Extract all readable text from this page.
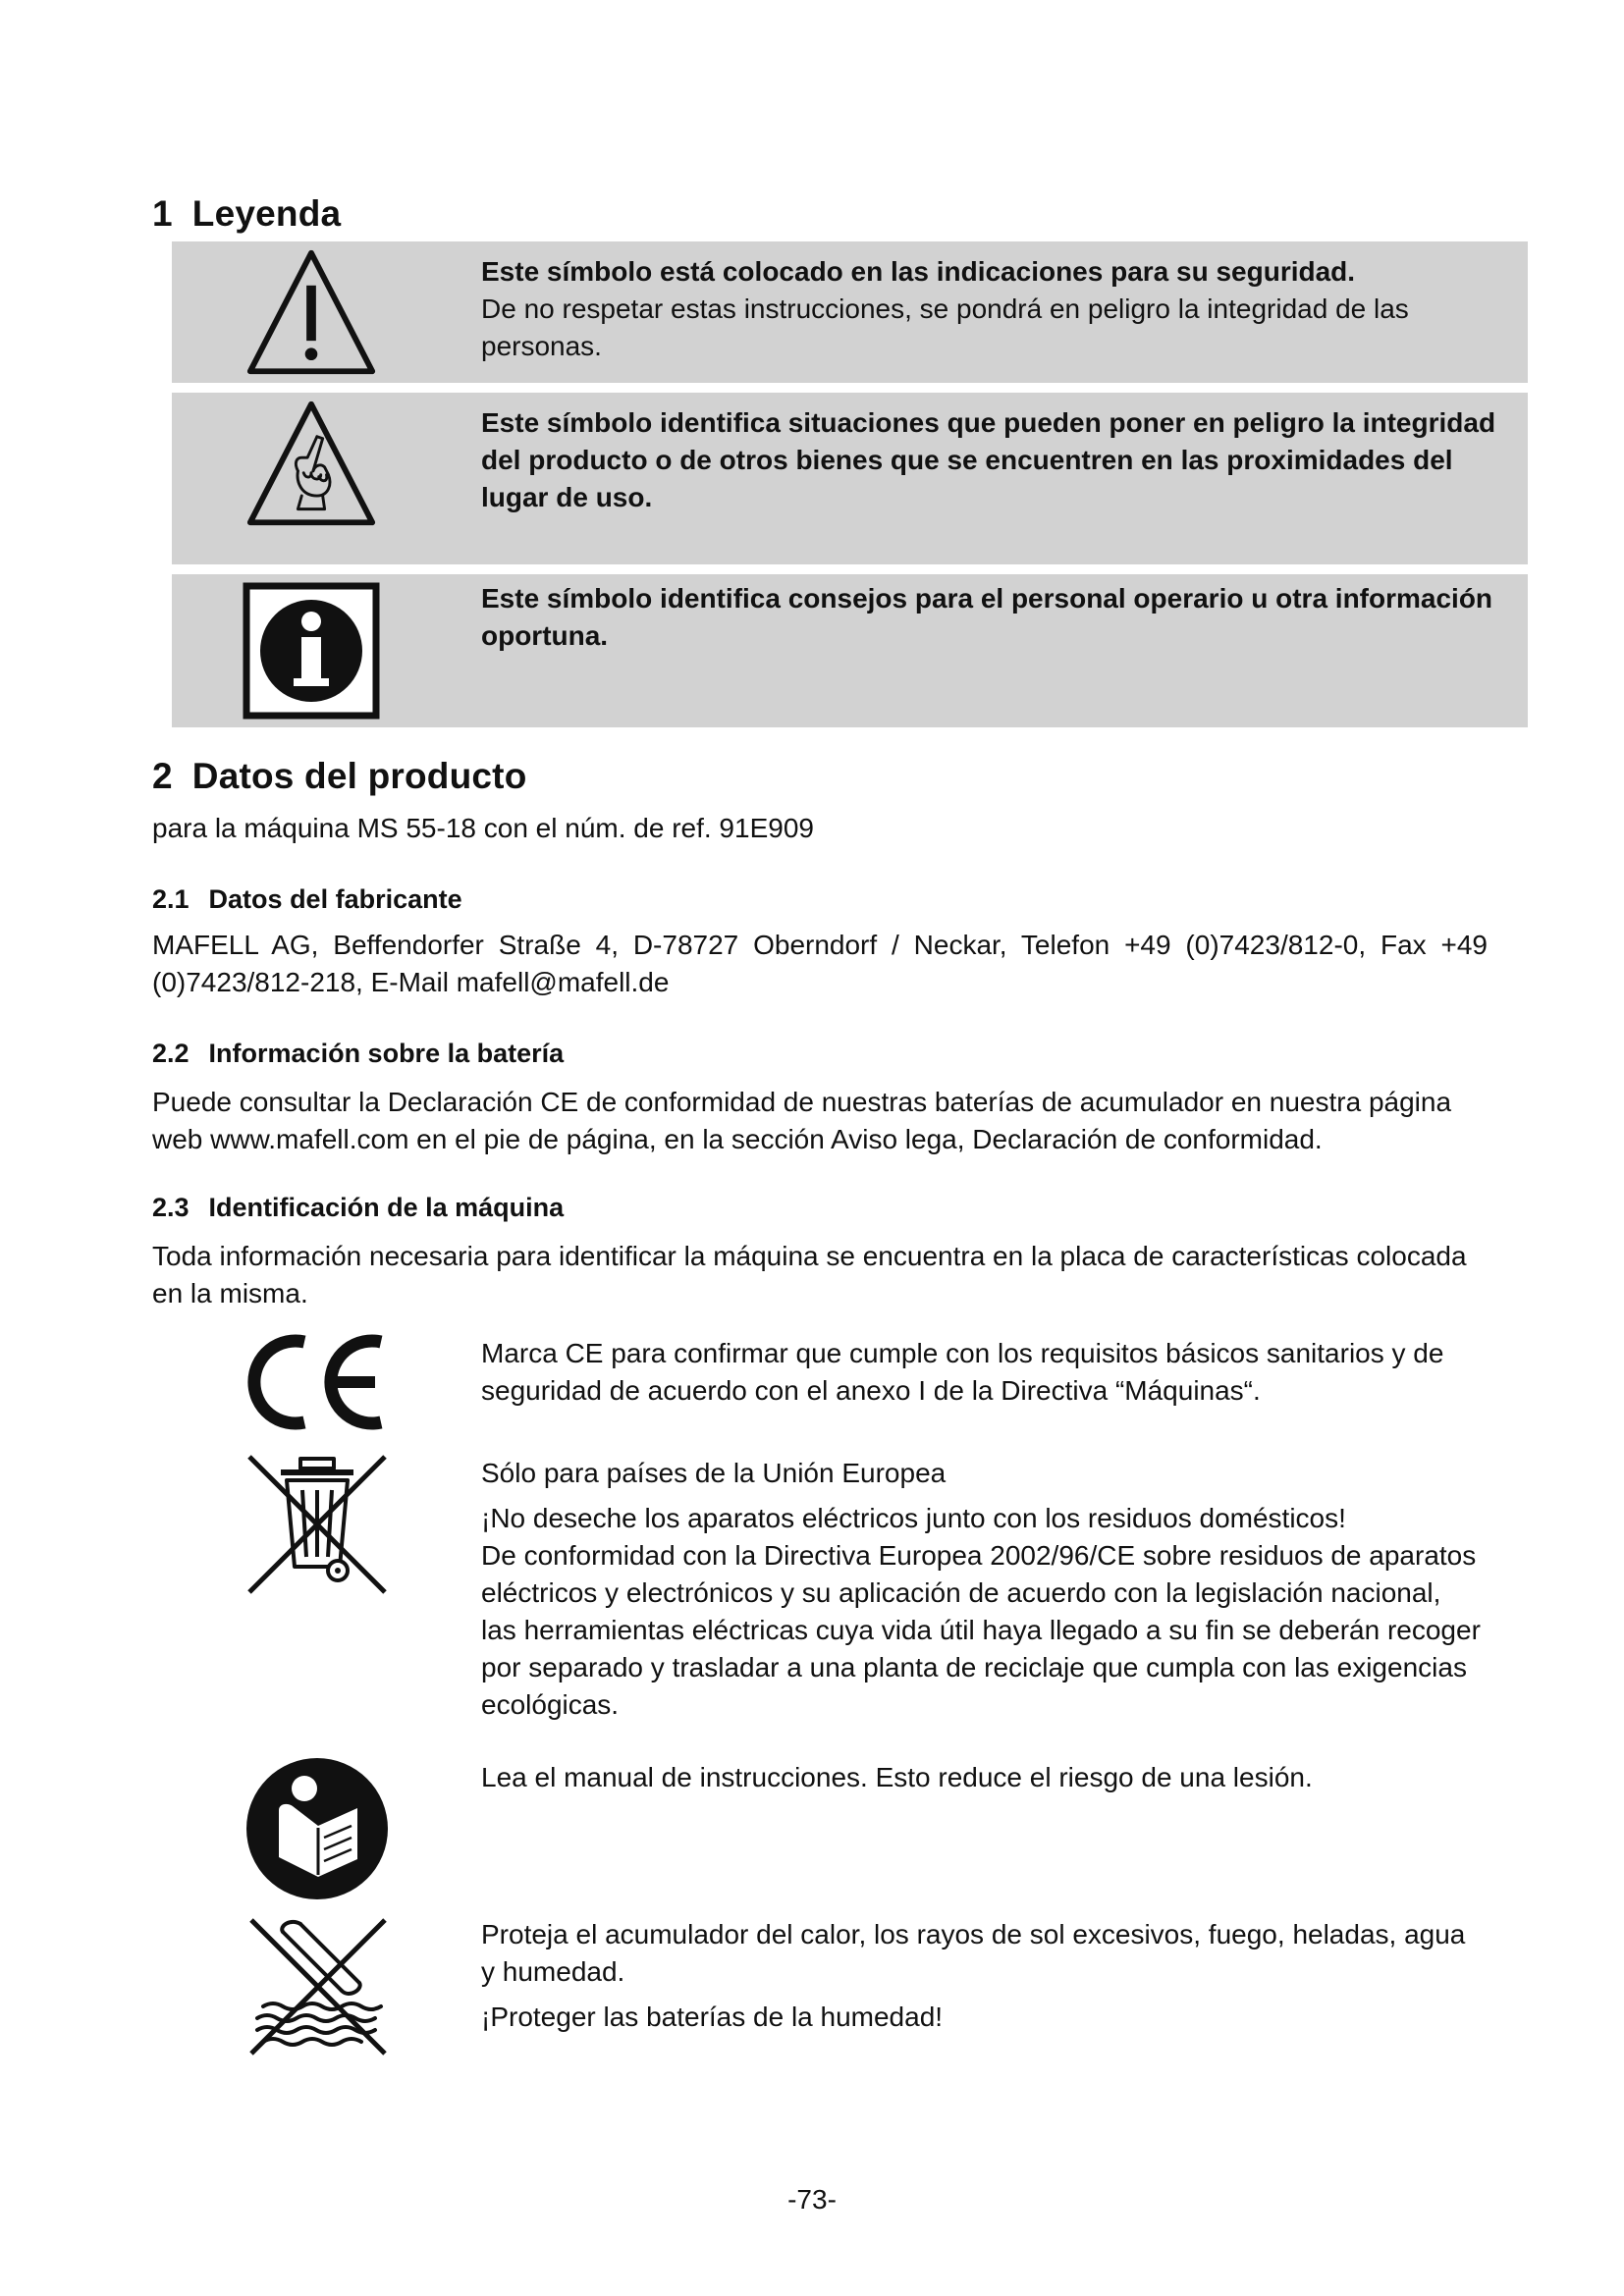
1 Leyenda
Este símbolo está colocado en las indicaciones para su seguridad.
De no respetar estas instrucciones, se pondrá en peligro la integridad de las personas.
Este símbolo identifica situaciones que pueden poner en peligro la integridad del producto o de otros bienes que se encuentren en las proximidades del lugar de uso.
Este símbolo identifica consejos para el personal operario u otra información oportuna.
2 Datos del producto

para la máquina MS 55-18 con el núm. de ref. 91E909

2.1 Datos del fabricante

MAFELL AG, Beffendorfer Straße 4, D-78727 Oberndorf / Neckar, Telefon +49 (0)7423/812-0, Fax +49 (0)7423/812-218, E-Mail mafell@mafell.de

2.2 Información sobre la batería

Puede consultar la Declaración CE de conformidad de nuestras baterías de acumulador en nuestra página web www.mafell.com en el pie de página, en la sección Aviso lega, Declaración de conformidad.

2.3 Identificación de la máquina

Toda información necesaria para identificar la máquina se encuentra en la placa de características colocada en la misma.

Marca CE para confirmar que cumple con los requisitos básicos sanitarios y de seguridad de acuerdo con el anexo I de la Directiva “Máquinas“.

Sólo para países de la Unión Europea

¡No deseche los aparatos eléctricos junto con los residuos domésticos!

De conformidad con la Directiva Europea 2002/96/CE sobre residuos de aparatos eléctricos y electrónicos y su aplicación de acuerdo con la legislación nacional, las herramientas eléctricas cuya vida útil haya llegado a su fin se deberán recoger por separado y trasladar a una planta de reciclaje que cumpla con las exigencias ecológicas.

Lea el manual de instrucciones. Esto reduce el riesgo de una lesión.

Proteja el acumulador del calor, los rayos de sol excesivos, fuego, heladas, agua y humedad.

¡Proteger las baterías de la humedad!

-73-
